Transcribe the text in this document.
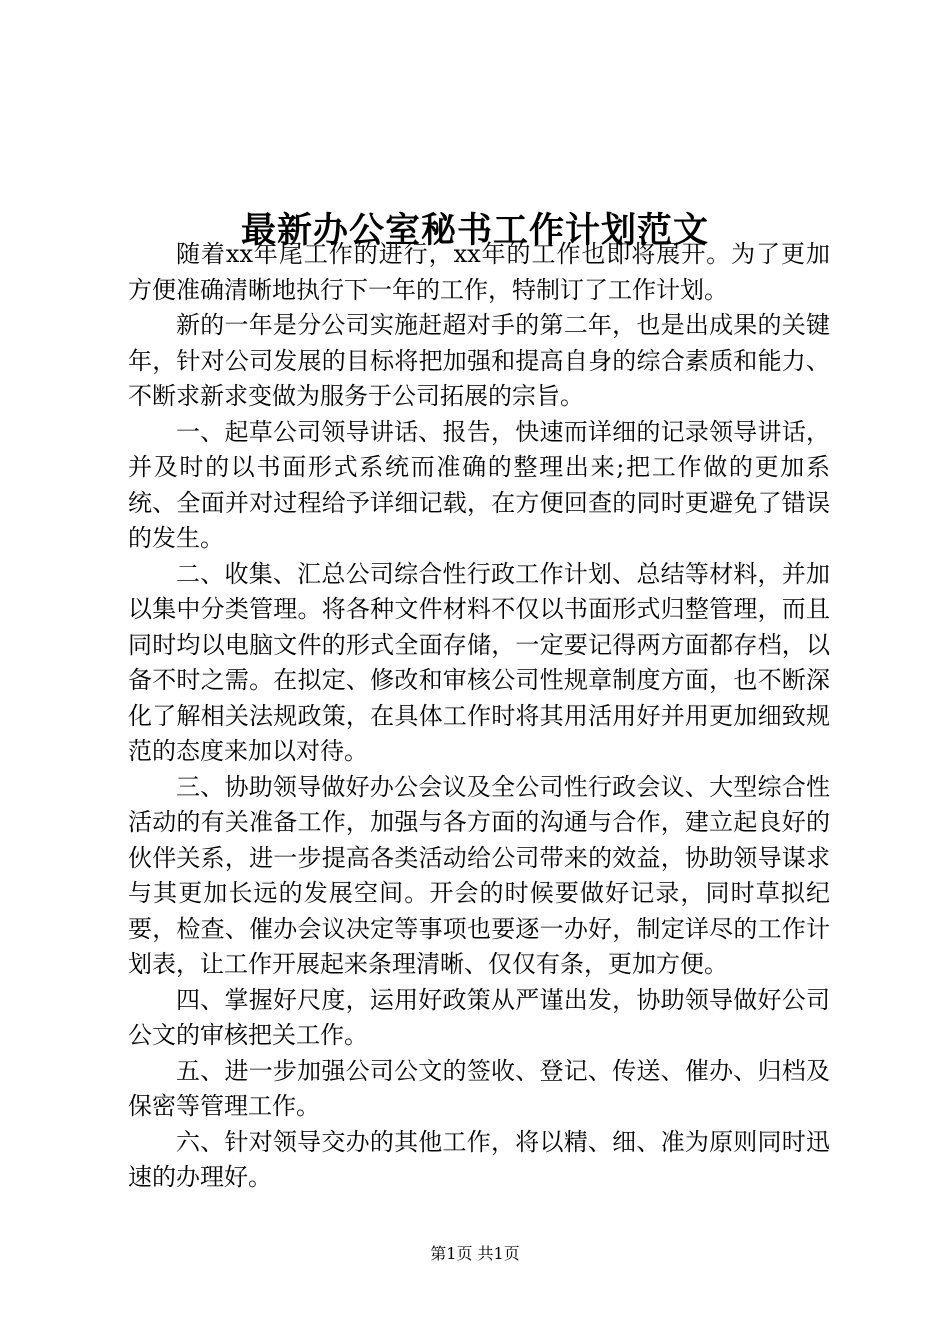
最新办公室秘书工作计划范文

随着xx年尾工作的进行，xx年的工作也即将展开。为了更加方便准确清晰地执行下一年的工作，特制订了工作计划。

新的一年是分公司实施赶超对手的第二年，也是出成果的关键年，针对公司发展的目标将把加强和提高自身的综合素质和能力、不断求新求变做为服务于公司拓展的宗旨。

一、起草公司领导讲话、报告，快速而详细的记录领导讲话，并及时的以书面形式系统而准确的整理出来;把工作做的更加系统、全面并对过程给予详细记载，在方便回查的同时更避免了错误的发生。

二、收集、汇总公司综合性行政工作计划、总结等材料，并加以集中分类管理。将各种文件材料不仅以书面形式归整管理，而且同时均以电脑文件的形式全面存储，一定要记得两方面都存档，以备不时之需。在拟定、修改和审核公司性规章制度方面，也不断深化了解相关法规政策，在具体工作时将其用活用好并用更加细致规范的态度来加以对待。

三、协助领导做好办公会议及全公司性行政会议、大型综合性活动的有关准备工作，加强与各方面的沟通与合作，建立起良好的伙伴关系，进一步提高各类活动给公司带来的效益，协助领导谋求与其更加长远的发展空间。开会的时候要做好记录，同时草拟纪要，检查、催办会议决定等事项也要逐一办好，制定详尽的工作计划表，让工作开展起来条理清晰、仅仅有条，更加方便。

四、掌握好尺度，运用好政策从严谨出发，协助领导做好公司公文的审核把关工作。

五、进一步加强公司公文的签收、登记、传送、催办、归档及保密等管理工作。

六、针对领导交办的其他工作，将以精、细、准为原则同时迅速的办理好。

第1页 共1页
